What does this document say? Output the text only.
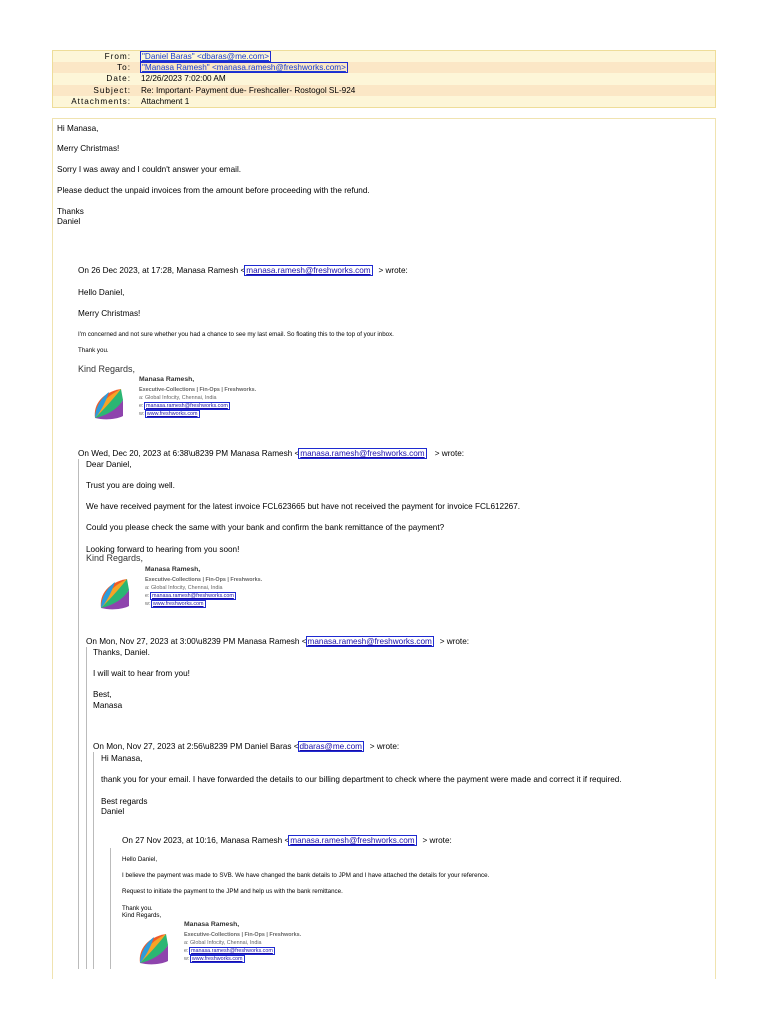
From:	"Daniel Baras" <dbaras@me.com>
To:	"Manasa Ramesh" <manasa.ramesh@freshworks.com>
Date:	12/26/2023 7:02:00 AM
Subject:	Re: Important- Payment due- Freshcaller- Rostogol SL-924
Attachments:	Attachment 1
Hi Manasa,
Merry Christmas!
Sorry I was away and I couldn't answer your email.
Please deduct the unpaid invoices from the amount before proceeding with the refund.
Thanks
Daniel
On 26 Dec 2023, at 17:28, Manasa Ramesh <manasa.ramesh@freshworks.com > wrote:
Hello Daniel,
Merry Christmas!
I'm concerned and not sure whether you had a chance to see my last email. So floating this to the top of your inbox.
Thank you.
Kind Regards,
Manasa Ramesh,
Executive-Collections | Fin-Ops | Freshworks.
a: Global Infocity, Chennai, India
e: manasa.ramesh@freshworks.com
w: www.freshworks.com
On Wed, Dec 20, 2023 at 6:38\u8239 PM Manasa Ramesh <manasa.ramesh@freshworks.com > wrote:
Dear Daniel,
Trust you are doing well.
We have received payment for the latest invoice FCL623665 but have not received the payment for invoice FCL612267.
Could you please check the same with your bank and confirm the bank remittance of the payment?
Looking forward to hearing from you soon!
Kind Regards,
Manasa Ramesh,
Executive-Collections | Fin-Ops | Freshworks.
a: Global Infocity, Chennai, India
e: manasa.ramesh@freshworks.com
w: www.freshworks.com
On Mon, Nov 27, 2023 at 3:00\u8239 PM Manasa Ramesh <manasa.ramesh@freshworks.com > wrote:
Thanks, Daniel.
I will wait to hear from you!
Best,
Manasa
On Mon, Nov 27, 2023 at 2:56\u8239 PM Daniel Baras <dbaras@me.com > wrote:
Hi Manasa,
thank you for your email. I have forwarded the details to our billing department to check where the payment were made and correct it if required.
Best regards
Daniel
On 27 Nov 2023, at 10:16, Manasa Ramesh <manasa.ramesh@freshworks.com > wrote:
Hello Daniel,
I believe the payment was made to SVB. We have changed the bank details to JPM and I have attached the details for your reference.
Request to initiate the payment to the JPM and help us with the bank remittance.
Thank you.
Kind Regards,
Manasa Ramesh,
Executive-Collections | Fin-Ops | Freshworks.
a: Global Infocity, Chennai, India
e: manasa.ramesh@freshworks.com
w: www.freshworks.com
